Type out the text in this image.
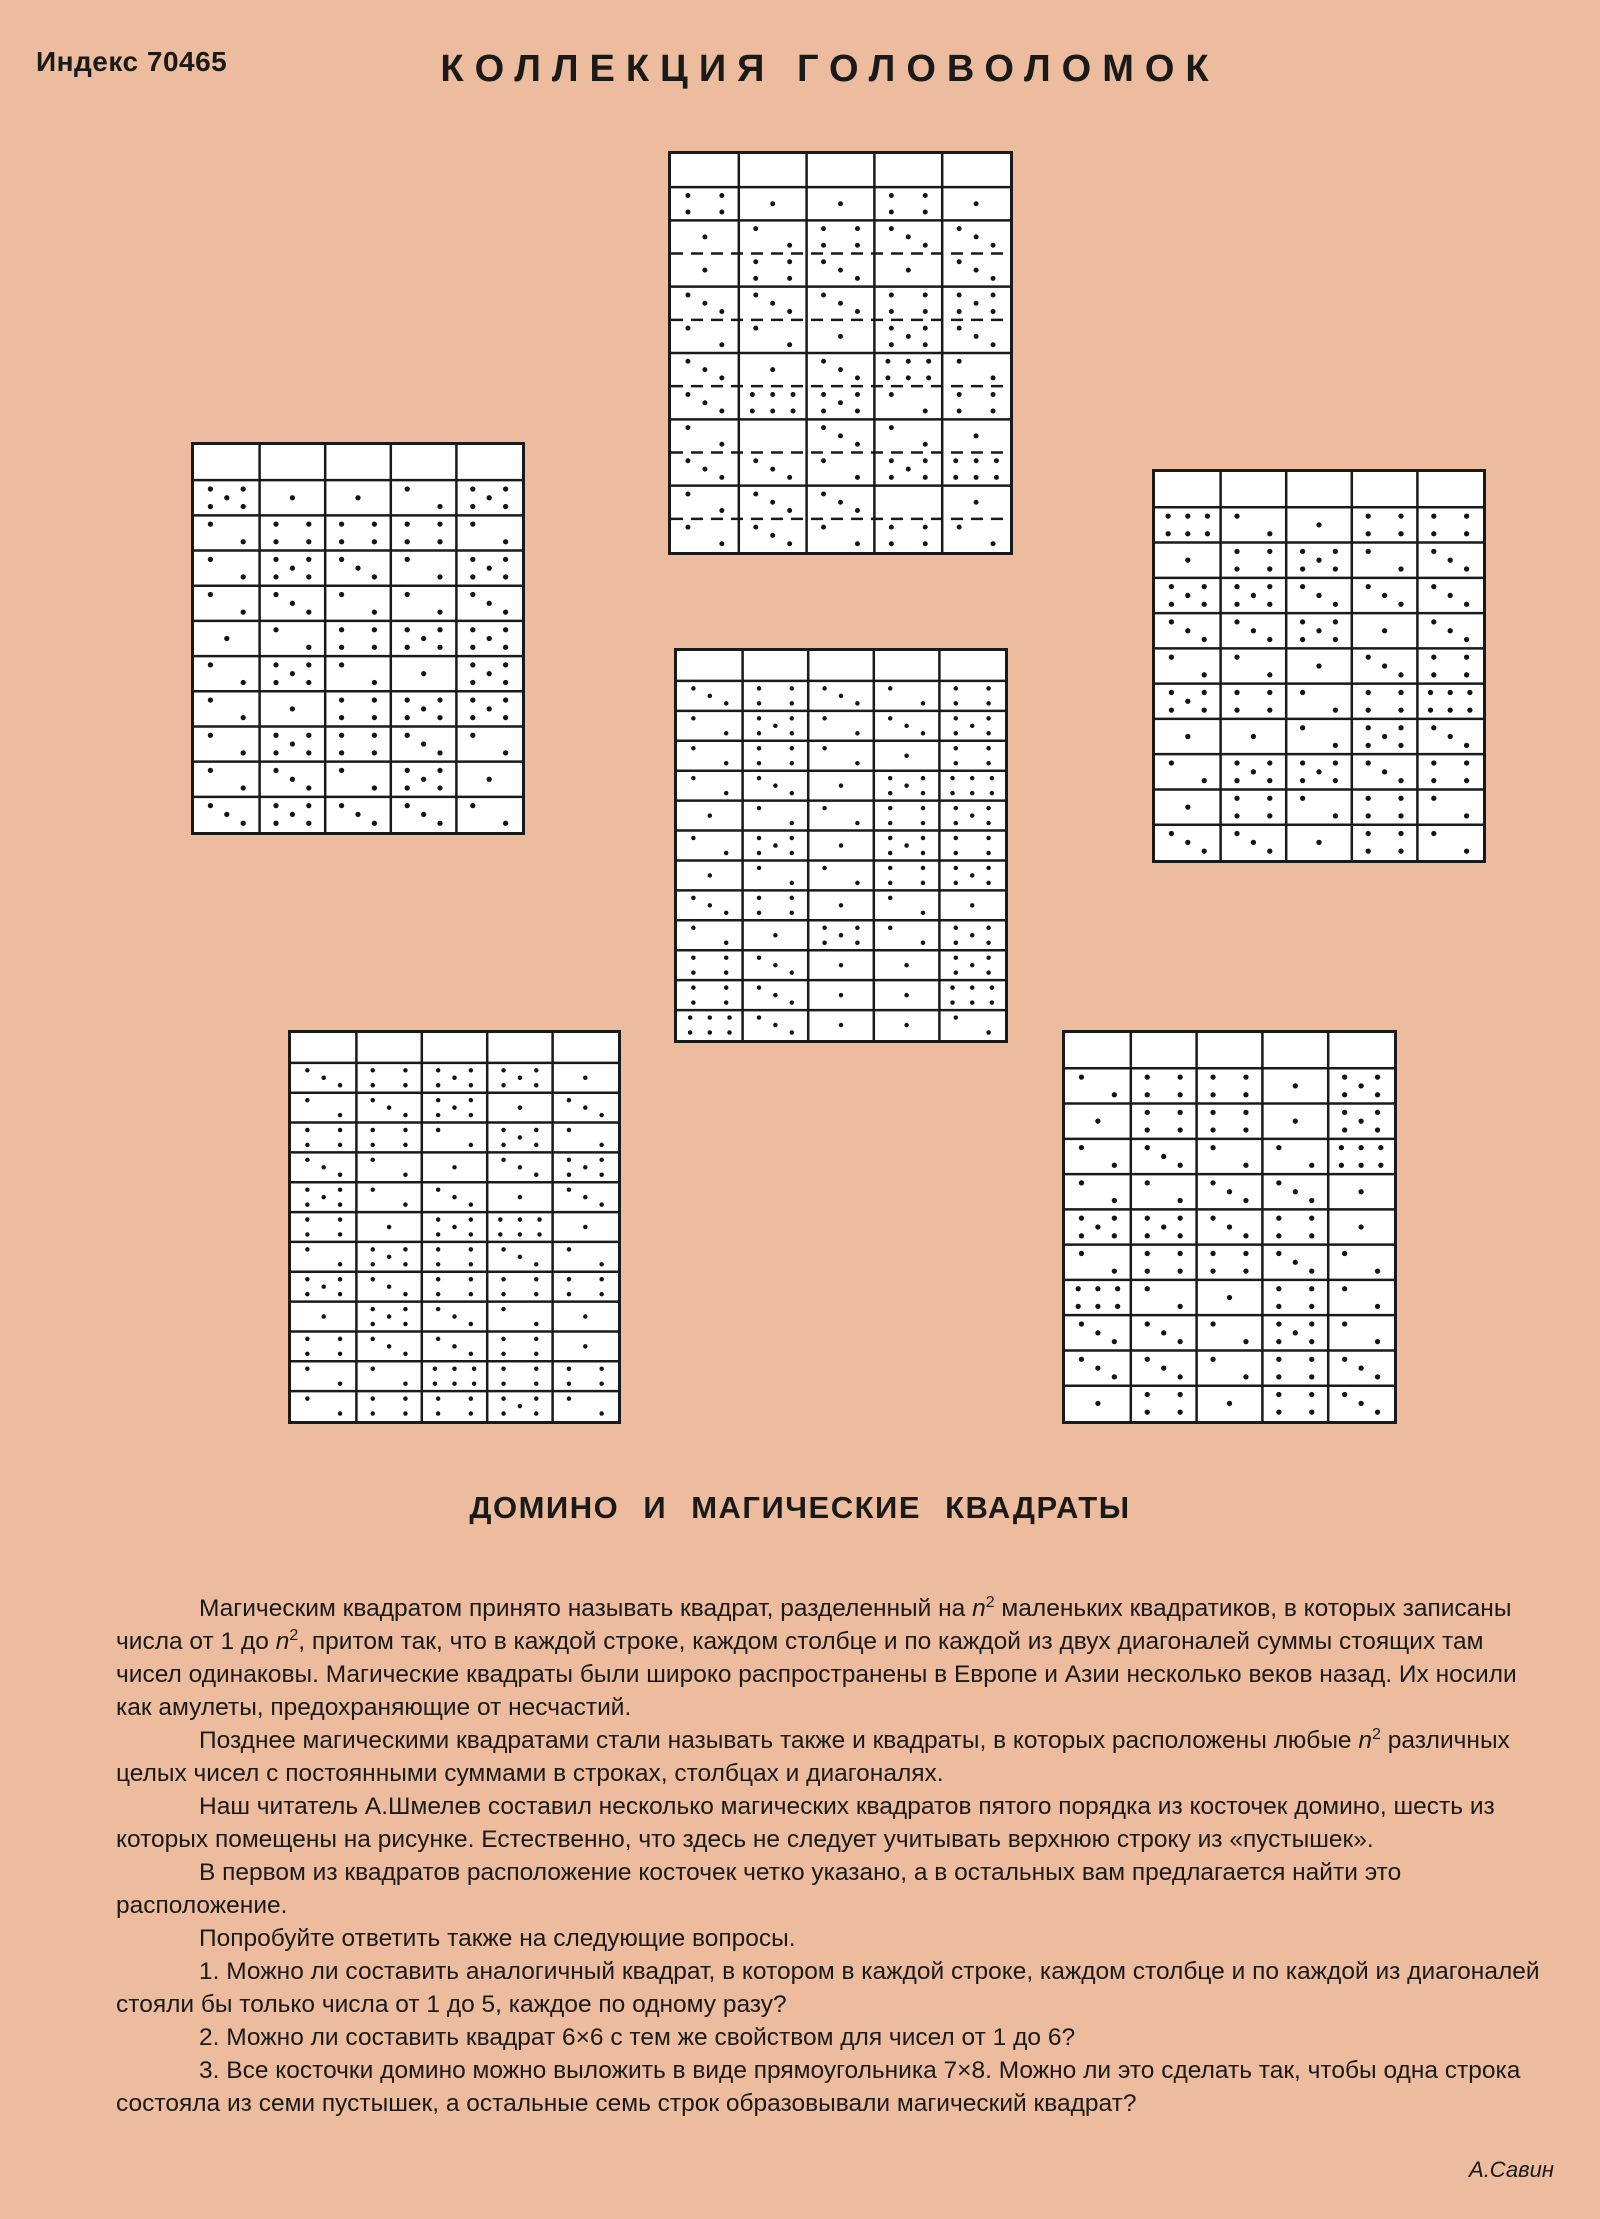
Индекс 70465	КОЛЛЕКЦИЯ ГОЛОВОЛОМОК
ДОМИНО И МАГИЧЕСКИЕ КВАДРАТЫ

Магическим квадратом принято называть квадрат, разделенный на $n^2$ маленьких квадратиков, в которых записаны числа от 1 до $n^2$, притом так, что в каждой строке, каждом столбце и по каждой из двух диагоналей суммы стоящих там чисел одинаковы. Магические квадраты были широко распространены в Европе и Азии несколько веков назад. Их носили как амулеты, предохраняющие от несчастий.

Позднее магическими квадратами стали называть также и квадраты, в которых расположены любые $n^2$ различных целых чисел с постоянными суммами в строках, столбцах и диагоналях.

Наш читатель А.Шмелев составил несколько магических квадратов пятого порядка из косточек домино, шесть из которых помещены на рисунке. Естественно, что здесь не следует учитывать верхнюю строку из «пустышек».

В первом из квадратов расположение косточек четко указано, а в остальных вам предлагается найти это расположение.

Попробуйте ответить также на следующие вопросы.

1. Можно ли составить аналогичный квадрат, в котором в каждой строке, каждом столбце и по каждой из диагоналей стояли бы только числа от 1 до 5, каждое по одному разу?

2. Можно ли составить квадрат 6×6 с тем же свойством для чисел от 1 до 6?

3. Все косточки домино можно выложить в виде прямоугольника 7×8. Можно ли это сделать так, чтобы одна строка состояла из семи пустышек, а остальные семь строк образовывали магический квадрат?

А.Савин
